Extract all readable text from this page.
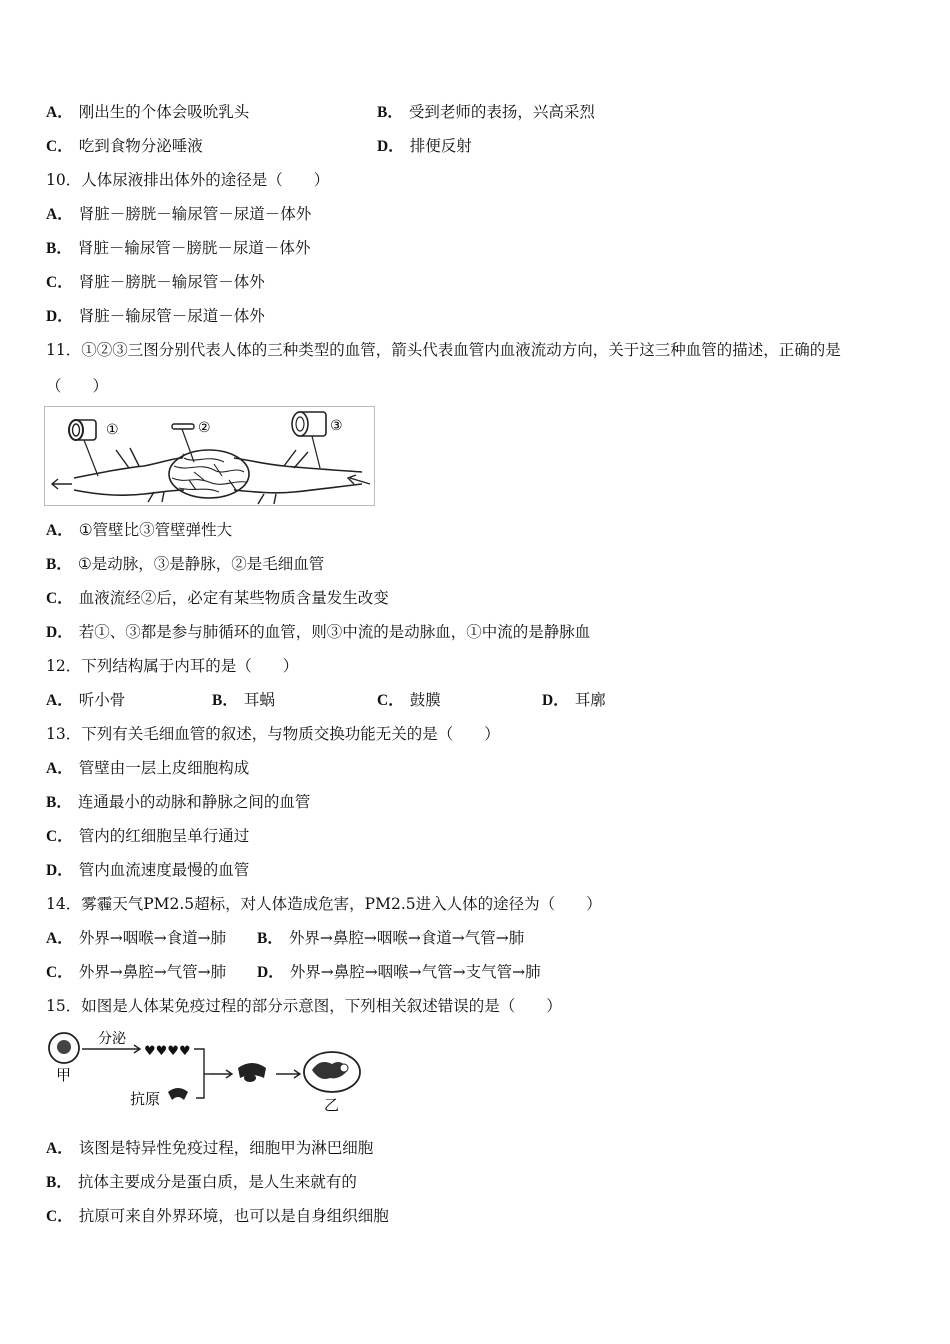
A． 刚出生的个体会吸吮乳头	B． 受到老师的表扬，兴高采烈
C． 吃到食物分泌唾液	D． 排便反射
10．人体尿液排出体外的途径是（　　）
A． 肾脏－膀胱－输尿管－尿道－体外
B． 肾脏－输尿管－膀胱－尿道－体外
C． 肾脏－膀胱－输尿管－体外
D． 肾脏－输尿管－尿道－体外
11．①②③三图分别代表人体的三种类型的血管，箭头代表血管内血液流动方向，关于这三种血管的描述，正确的是
（　　）
①	②	③
A． ①管壁比③管壁弹性大
B． ①是动脉，③是静脉，②是毛细血管
C． 血液流经②后，必定有某些物质含量发生改变
D． 若①、③都是参与肺循环的血管，则③中流的是动脉血，①中流的是静脉血
12．下列结构属于内耳的是（　　）
A． 听小骨	B． 耳蜗	C． 鼓膜	D． 耳廓
13．下列有关毛细血管的叙述，与物质交换功能无关的是（　　）
A． 管壁由一层上皮细胞构成
B． 连通最小的动脉和静脉之间的血管
C． 管内的红细胞呈单行通过
D． 管内血流速度最慢的血管
14．雾霾天气PM2.5超标，对人体造成危害，PM2.5进入人体的途径为（　　）
A． 外界→咽喉→食道→肺 B． 外界→鼻腔→咽喉→食道→气管→肺
C． 外界→鼻腔→气管→肺 D． 外界→鼻腔→咽喉→气管→支气管→肺
15．如图是人体某免疫过程的部分示意图，下列相关叙述错误的是（　　）
甲
分泌
♥♥♥♥
抗原	乙
A． 该图是特异性免疫过程，细胞甲为淋巴细胞
B． 抗体主要成分是蛋白质，是人生来就有的
C． 抗原可来自外界环境，也可以是自身组织细胞
